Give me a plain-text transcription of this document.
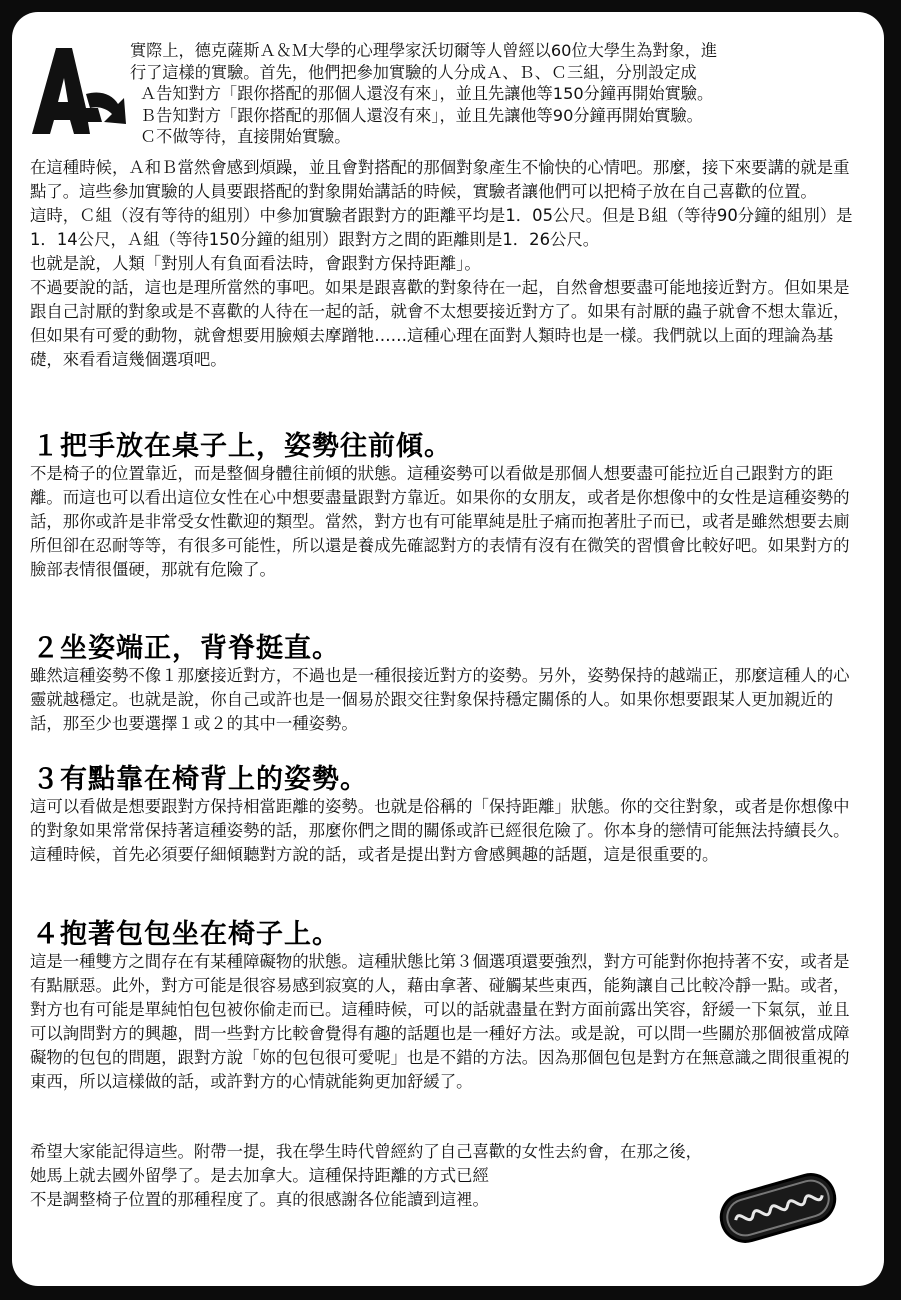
實際上，德克薩斯Ａ＆Ｍ大學的心理學家沃切爾等人曾經以60位大學生為對象，進

行了這樣的實驗。首先，他們把參加實驗的人分成Ａ、Ｂ、Ｃ三組，分別設定成

Ａ告知對方「跟你搭配的那個人還沒有來」，並且先讓他等150分鐘再開始實驗。

Ｂ告知對方「跟你搭配的那個人還沒有來」，並且先讓他等90分鐘再開始實驗。

Ｃ不做等待，直接開始實驗。

在這種時候，Ａ和Ｂ當然會感到煩躁，並且會對搭配的那個對象產生不愉快的心情吧。那麼，接下來要講的就是重點了。這些參加實驗的人員要跟搭配的對象開始講話的時候，實驗者讓他們可以把椅子放在自己喜歡的位置。

這時，Ｃ組（沒有等待的組別）中參加實驗者跟對方的距離平均是1．05公尺。但是Ｂ組（等待90分鐘的組別）是1．14公尺，Ａ組（等待150分鐘的組別）跟對方之間的距離則是1．26公尺。

也就是說，人類「對別人有負面看法時，會跟對方保持距離」。

不過要說的話，這也是理所當然的事吧。如果是跟喜歡的對象待在一起，自然會想要盡可能地接近對方。但如果是跟自己討厭的對象或是不喜歡的人待在一起的話，就會不太想要接近對方了。如果有討厭的蟲子就會不想太靠近，但如果有可愛的動物，就會想要用臉頰去摩蹭牠……這種心理在面對人類時也是一樣。我們就以上面的理論為基礎，來看看這幾個選項吧。

１把手放在桌子上，姿勢往前傾。

不是椅子的位置靠近，而是整個身體往前傾的狀態。這種姿勢可以看做是那個人想要盡可能拉近自己跟對方的距離。而這也可以看出這位女性在心中想要盡量跟對方靠近。如果你的女朋友，或者是你想像中的女性是這種姿勢的話，那你或許是非常受女性歡迎的類型。當然，對方也有可能單純是肚子痛而抱著肚子而已，或者是雖然想要去廁所但卻在忍耐等等，有很多可能性，所以還是養成先確認對方的表情有沒有在微笑的習慣會比較好吧。如果對方的臉部表情很僵硬，那就有危險了。

２坐姿端正，背脊挺直。

雖然這種姿勢不像１那麼接近對方，不過也是一種很接近對方的姿勢。另外，姿勢保持的越端正，那麼這種人的心靈就越穩定。也就是說，你自己或許也是一個易於跟交往對象保持穩定關係的人。如果你想要跟某人更加親近的話，那至少也要選擇１或２的其中一種姿勢。

３有點靠在椅背上的姿勢。

這可以看做是想要跟對方保持相當距離的姿勢。也就是俗稱的「保持距離」狀態。你的交往對象，或者是你想像中的對象如果常常保持著這種姿勢的話，那麼你們之間的關係或許已經很危險了。你本身的戀情可能無法持續長久。這種時候，首先必須要仔細傾聽對方說的話，或者是提出對方會感興趣的話題，這是很重要的。

４抱著包包坐在椅子上。

這是一種雙方之間存在有某種障礙物的狀態。這種狀態比第３個選項還要強烈，對方可能對你抱持著不安，或者是有點厭惡。此外，對方可能是很容易感到寂寞的人，藉由拿著、碰觸某些東西，能夠讓自己比較冷靜一點。或者，對方也有可能是單純怕包包被你偷走而已。這種時候，可以的話就盡量在對方面前露出笑容，舒緩一下氣氛，並且可以詢問對方的興趣，問一些對方比較會覺得有趣的話題也是一種好方法。或是說，可以問一些關於那個被當成障礙物的包包的問題，跟對方說「妳的包包很可愛呢」也是不錯的方法。因為那個包包是對方在無意識之間很重視的東西，所以這樣做的話，或許對方的心情就能夠更加舒緩了。

希望大家能記得這些。附帶一提，我在學生時代曾經約了自己喜歡的女性去約會，在那之後，

她馬上就去國外留學了。是去加拿大。這種保持距離的方式已經

不是調整椅子位置的那種程度了。真的很感謝各位能讀到這裡。
